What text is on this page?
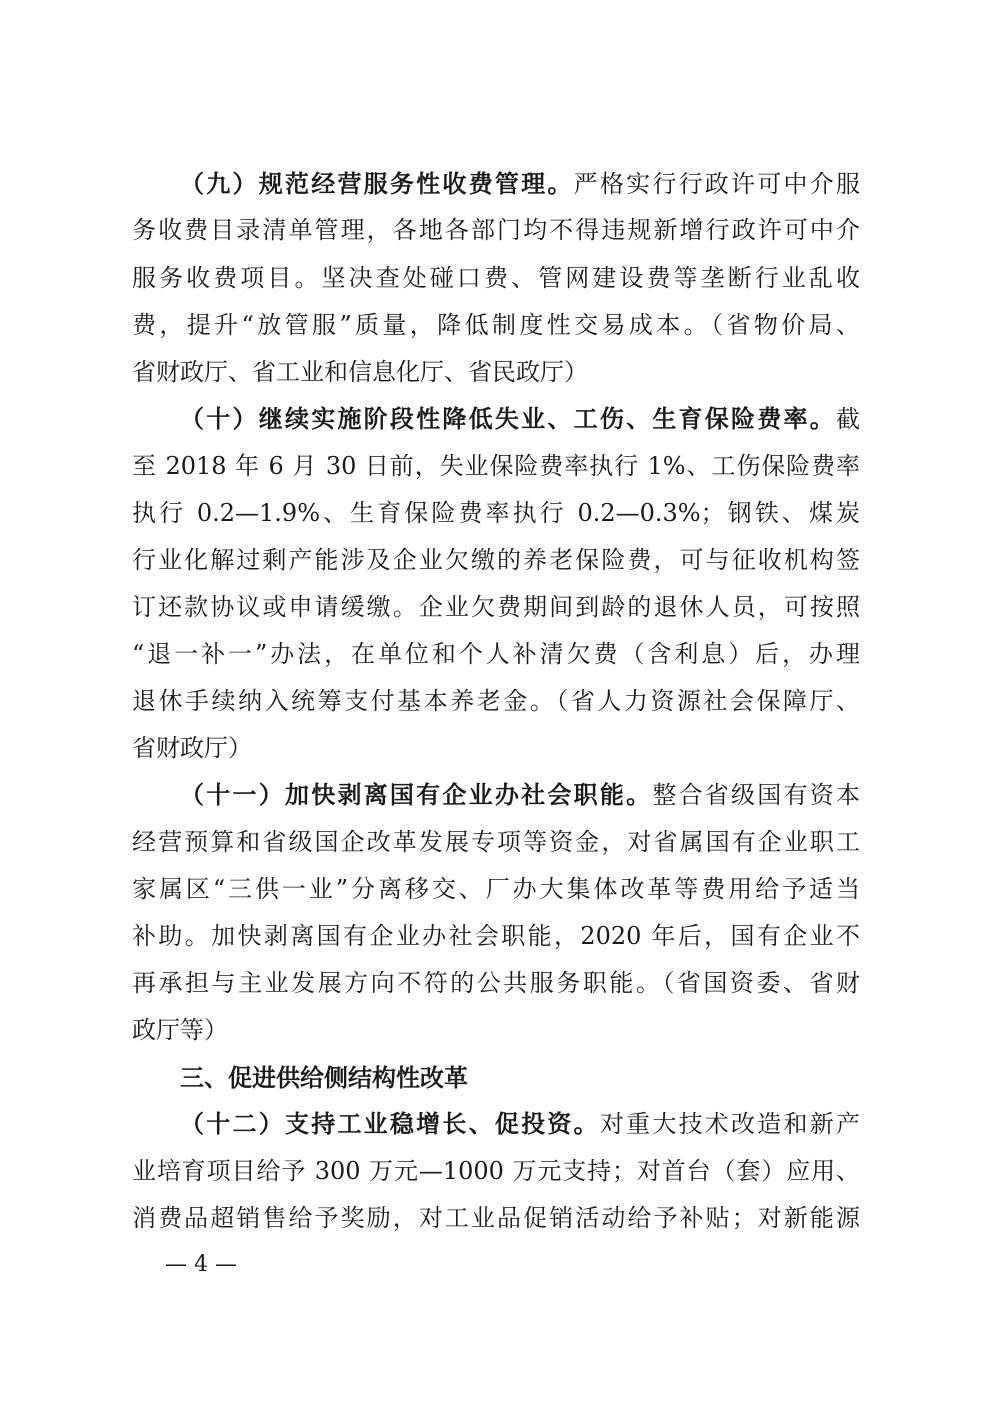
（九）规范经营服务性收费管理。严格实行行政许可中介服
务收费目录清单管理，各地各部门均不得违规新增行政许可中介
服务收费项目。坚决查处碰口费、管网建设费等垄断行业乱收
费，提升“放管服”质量，降低制度性交易成本。（省物价局、
省财政厅、省工业和信息化厅、省民政厅）
（十）继续实施阶段性降低失业、工伤、生育保险费率。截
至 2018 年 6 月 30 日前，失业保险费率执行 1%、工伤保险费率
执行 0.2—1.9%、生育保险费率执行 0.2—0.3%；钢铁、煤炭
行业化解过剩产能涉及企业欠缴的养老保险费，可与征收机构签
订还款协议或申请缓缴。企业欠费期间到龄的退休人员，可按照
“退一补一”办法，在单位和个人补清欠费（含利息）后，办理
退休手续纳入统筹支付基本养老金。（省人力资源社会保障厅、
省财政厅）
（十一）加快剥离国有企业办社会职能。整合省级国有资本
经营预算和省级国企改革发展专项等资金，对省属国有企业职工
家属区“三供一业”分离移交、厂办大集体改革等费用给予适当
补助。加快剥离国有企业办社会职能，2020 年后，国有企业不
再承担与主业发展方向不符的公共服务职能。（省国资委、省财
政厅等）
三、促进供给侧结构性改革
（十二）支持工业稳增长、促投资。对重大技术改造和新产
业培育项目给予 300 万元—1000 万元支持；对首台（套）应用、
消费品超销售给予奖励，对工业品促销活动给予补贴；对新能源
— 4 —
